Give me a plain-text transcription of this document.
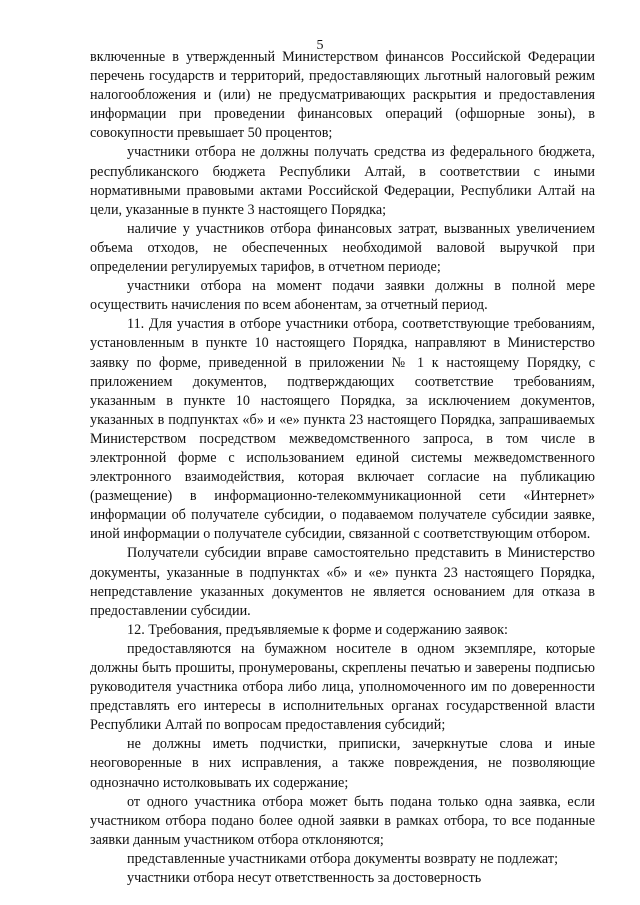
5

включенные в утвержденный Министерством финансов Российской Федерации перечень государств и территорий, предоставляющих льготный налоговый режим налогообложения и (или) не предусматривающих раскрытия и предоставления информации при проведении финансовых операций (офшорные зоны), в совокупности превышает 50 процентов;

участники отбора не должны получать средства из федерального бюджета, республиканского бюджета Республики Алтай, в соответствии с иными нормативными правовыми актами Российской Федерации, Республики Алтай на цели, указанные в пункте 3 настоящего Порядка;

наличие у участников отбора финансовых затрат, вызванных увеличением объема отходов, не обеспеченных необходимой валовой выручкой при определении регулируемых тарифов, в отчетном периоде;

участники отбора на момент подачи заявки должны в полной мере осуществить начисления по всем абонентам, за отчетный период.

11. Для участия в отборе участники отбора, соответствующие требованиям, установленным в пункте 10 настоящего Порядка, направляют в Министерство заявку по форме, приведенной в приложении № 1 к настоящему Порядку, с приложением документов, подтверждающих соответствие требованиям, указанным в пункте 10 настоящего Порядка, за исключением документов, указанных в подпунктах «б» и «е» пункта 23 настоящего Порядка, запрашиваемых Министерством посредством межведомственного запроса, в том числе в электронной форме с использованием единой системы межведомственного электронного взаимодействия, которая включает согласие на публикацию (размещение) в информационно-телекоммуникационной сети «Интернет» информации об получателе субсидии, о подаваемом получателе субсидии заявке, иной информации о получателе субсидии, связанной с соответствующим отбором.

Получатели субсидии вправе самостоятельно представить в Министерство документы, указанные в подпунктах «б» и «е» пункта 23 настоящего Порядка, непредставление указанных документов не является основанием для отказа в предоставлении субсидии.

12. Требования, предъявляемые к форме и содержанию заявок:

предоставляются на бумажном носителе в одном экземпляре, которые должны быть прошиты, пронумерованы, скреплены печатью и заверены подписью руководителя участника отбора либо лица, уполномоченного им по доверенности представлять его интересы в исполнительных органах государственной власти Республики Алтай по вопросам предоставления субсидий;

не должны иметь подчистки, приписки, зачеркнутые слова и иные неоговоренные в них исправления, а также повреждения, не позволяющие однозначно истолковывать их содержание;

от одного участника отбора может быть подана только одна заявка, если участником отбора подано более одной заявки в рамках отбора, то все поданные заявки данным участником отбора отклоняются;

представленные участниками отбора документы возврату не подлежат;

участники отбора несут ответственность за достоверность
